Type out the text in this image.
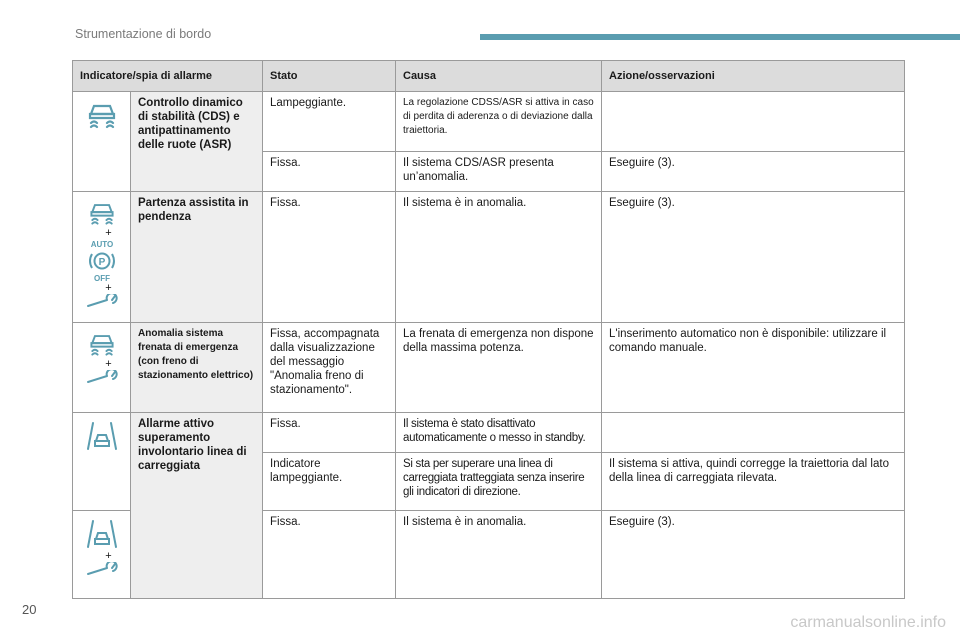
Strumentazione di bordo
Indicatore/spia di allarme		Stato	Causa	Azione/osservazioni

	Controllo dinamico di stabilità (CDS) e antipattinamento delle ruote (ASR)	Lampeggiante.	La regolazione CDSS/ASR si attiva in caso di perdita di aderenza o di deviazione dalla traiettoria.	
		Fissa.	Il sistema CDS/ASR presenta un’anomalia.	Eseguire (3).

+
AUTO
P
OFF
+	Partenza assistita in pendenza	Fissa.	Il sistema è in anomalia.	Eseguire (3).

+	Anomalia sistema frenata di emergenza (con freno di stazionamento elettrico)	Fissa, accompagnata dalla visualizzazione del messaggio "Anomalia freno di stazionamento".	La frenata di emergenza non dispone della massima potenza.	L'inserimento automatico non è disponibile: utilizzare il comando manuale.

	Allarme attivo superamento involontario linea di carreggiata	Fissa.	Il sistema è stato disattivato automaticamente o messo in standby.	
		Indicatore lampeggiante.	Si sta per superare una linea di carreggiata tratteggiata senza inserire gli indicatori di direzione.	Il sistema si attiva, quindi corregge la traiettoria dal lato della linea di carreggiata rilevata.

+		Fissa.	Il sistema è in anomalia.	Eseguire (3).
20
carmanualsonline.info
